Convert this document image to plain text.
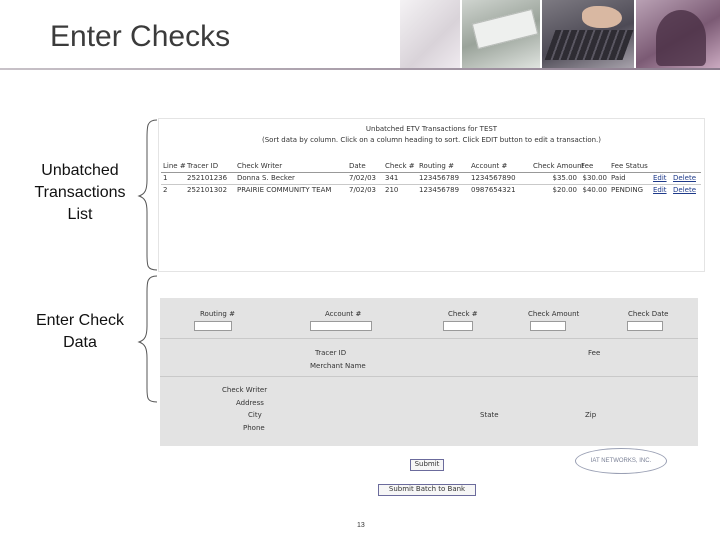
Enter Checks
Unbatched Transactions List
Enter Check Data
Unbatched ETV Transactions for TEST
(Sort data by column. Click on a column heading to sort. Click EDIT button to edit a transaction.)
Line #	Tracer ID	Check Writer	Date	Check #	Routing #	Account #	Check Amount	Fee	Fee Status		
1	252101236	Donna S. Becker	7/02/03	341	123456789	1234567890	$35.00	$30.00	Paid	Edit	Delete
2	252101302	PRAIRIE COMMUNITY TEAM	7/02/03	210	123456789	0987654321	$20.00	$40.00	PENDING	Edit	Delete
Routing #	Account #	Check #	Check Amount	Check Date
Tracer ID
Merchant Name
Fee
Check Writer
Address
City
Phone
State	Zip
Submit
Submit Batch to Bank
IAT NETWORKS, INC.
13
